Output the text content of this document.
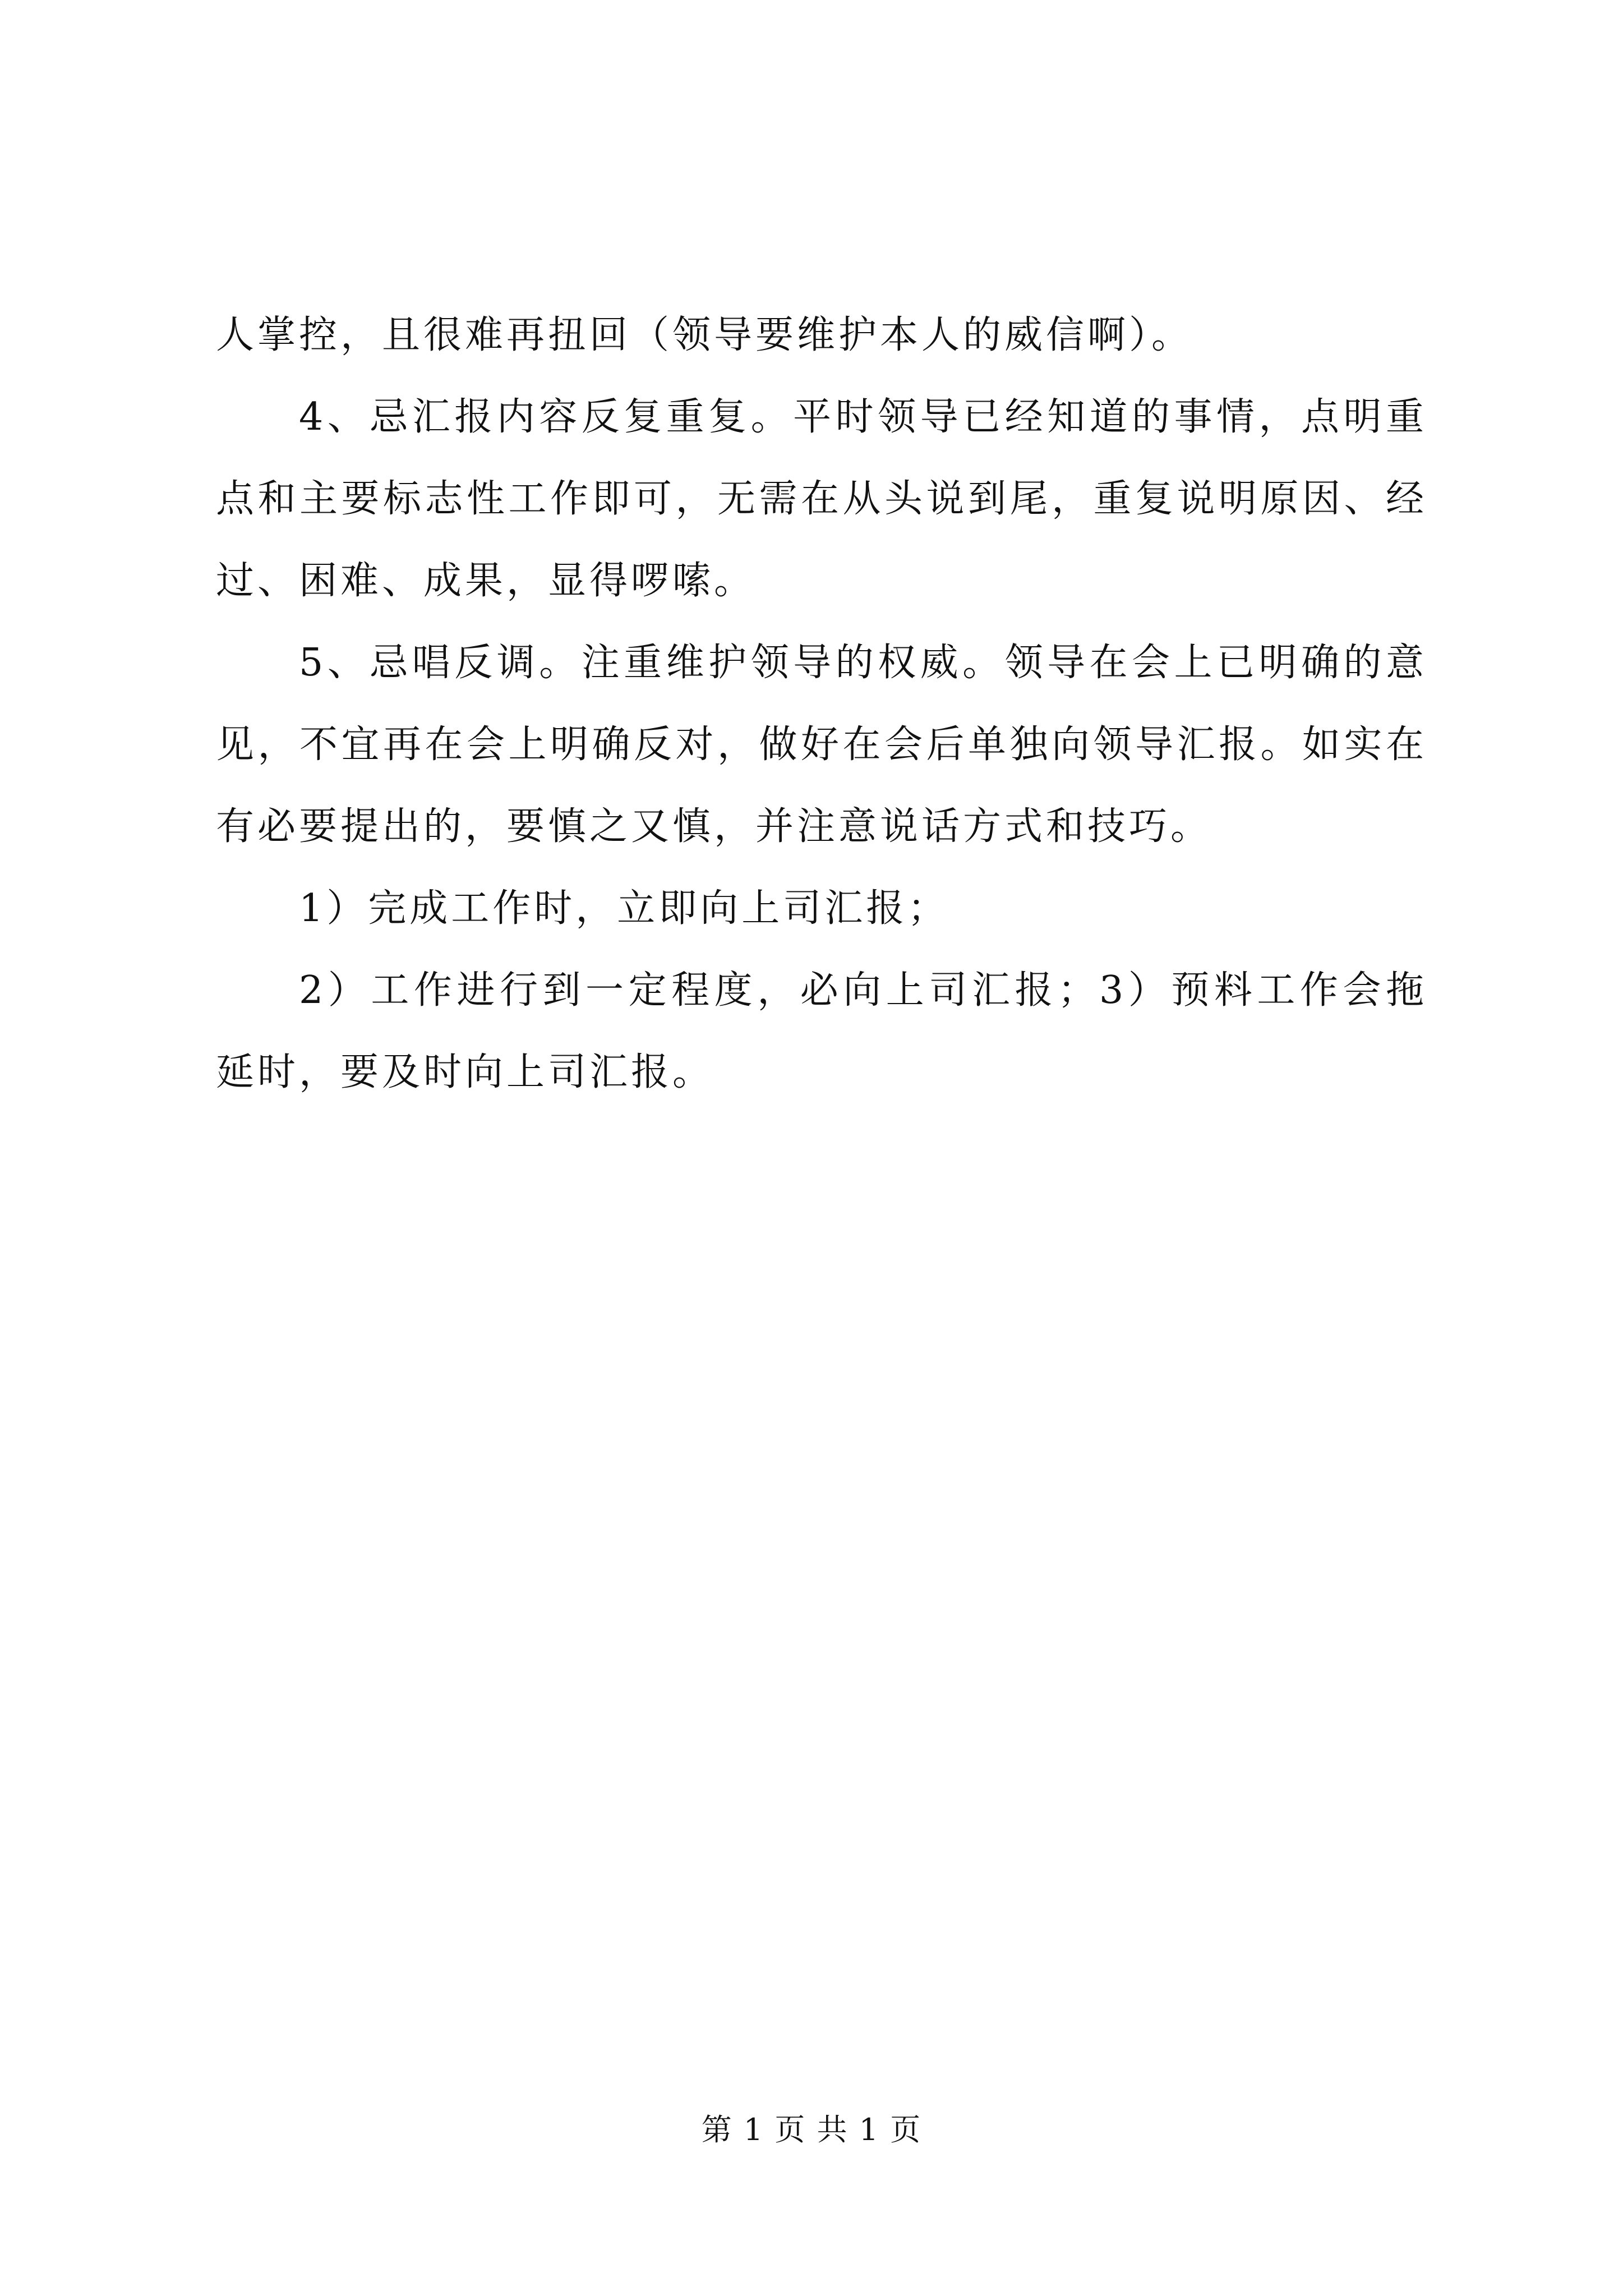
人掌控，且很难再扭回（领导要维护本人的威信啊）。

4、忌汇报内容反复重复。平时领导已经知道的事情，点明重点和主要标志性工作即可，无需在从头说到尾，重复说明原因、经过、困难、成果，显得啰嗦。

5、忌唱反调。注重维护领导的权威。领导在会上已明确的意见，不宜再在会上明确反对，做好在会后单独向领导汇报。如实在有必要提出的，要慎之又慎，并注意说话方式和技巧。

1）完成工作时，立即向上司汇报；

2）工作进行到一定程度，必向上司汇报；3）预料工作会拖延时，要及时向上司汇报。

第 1 页 共 1 页
